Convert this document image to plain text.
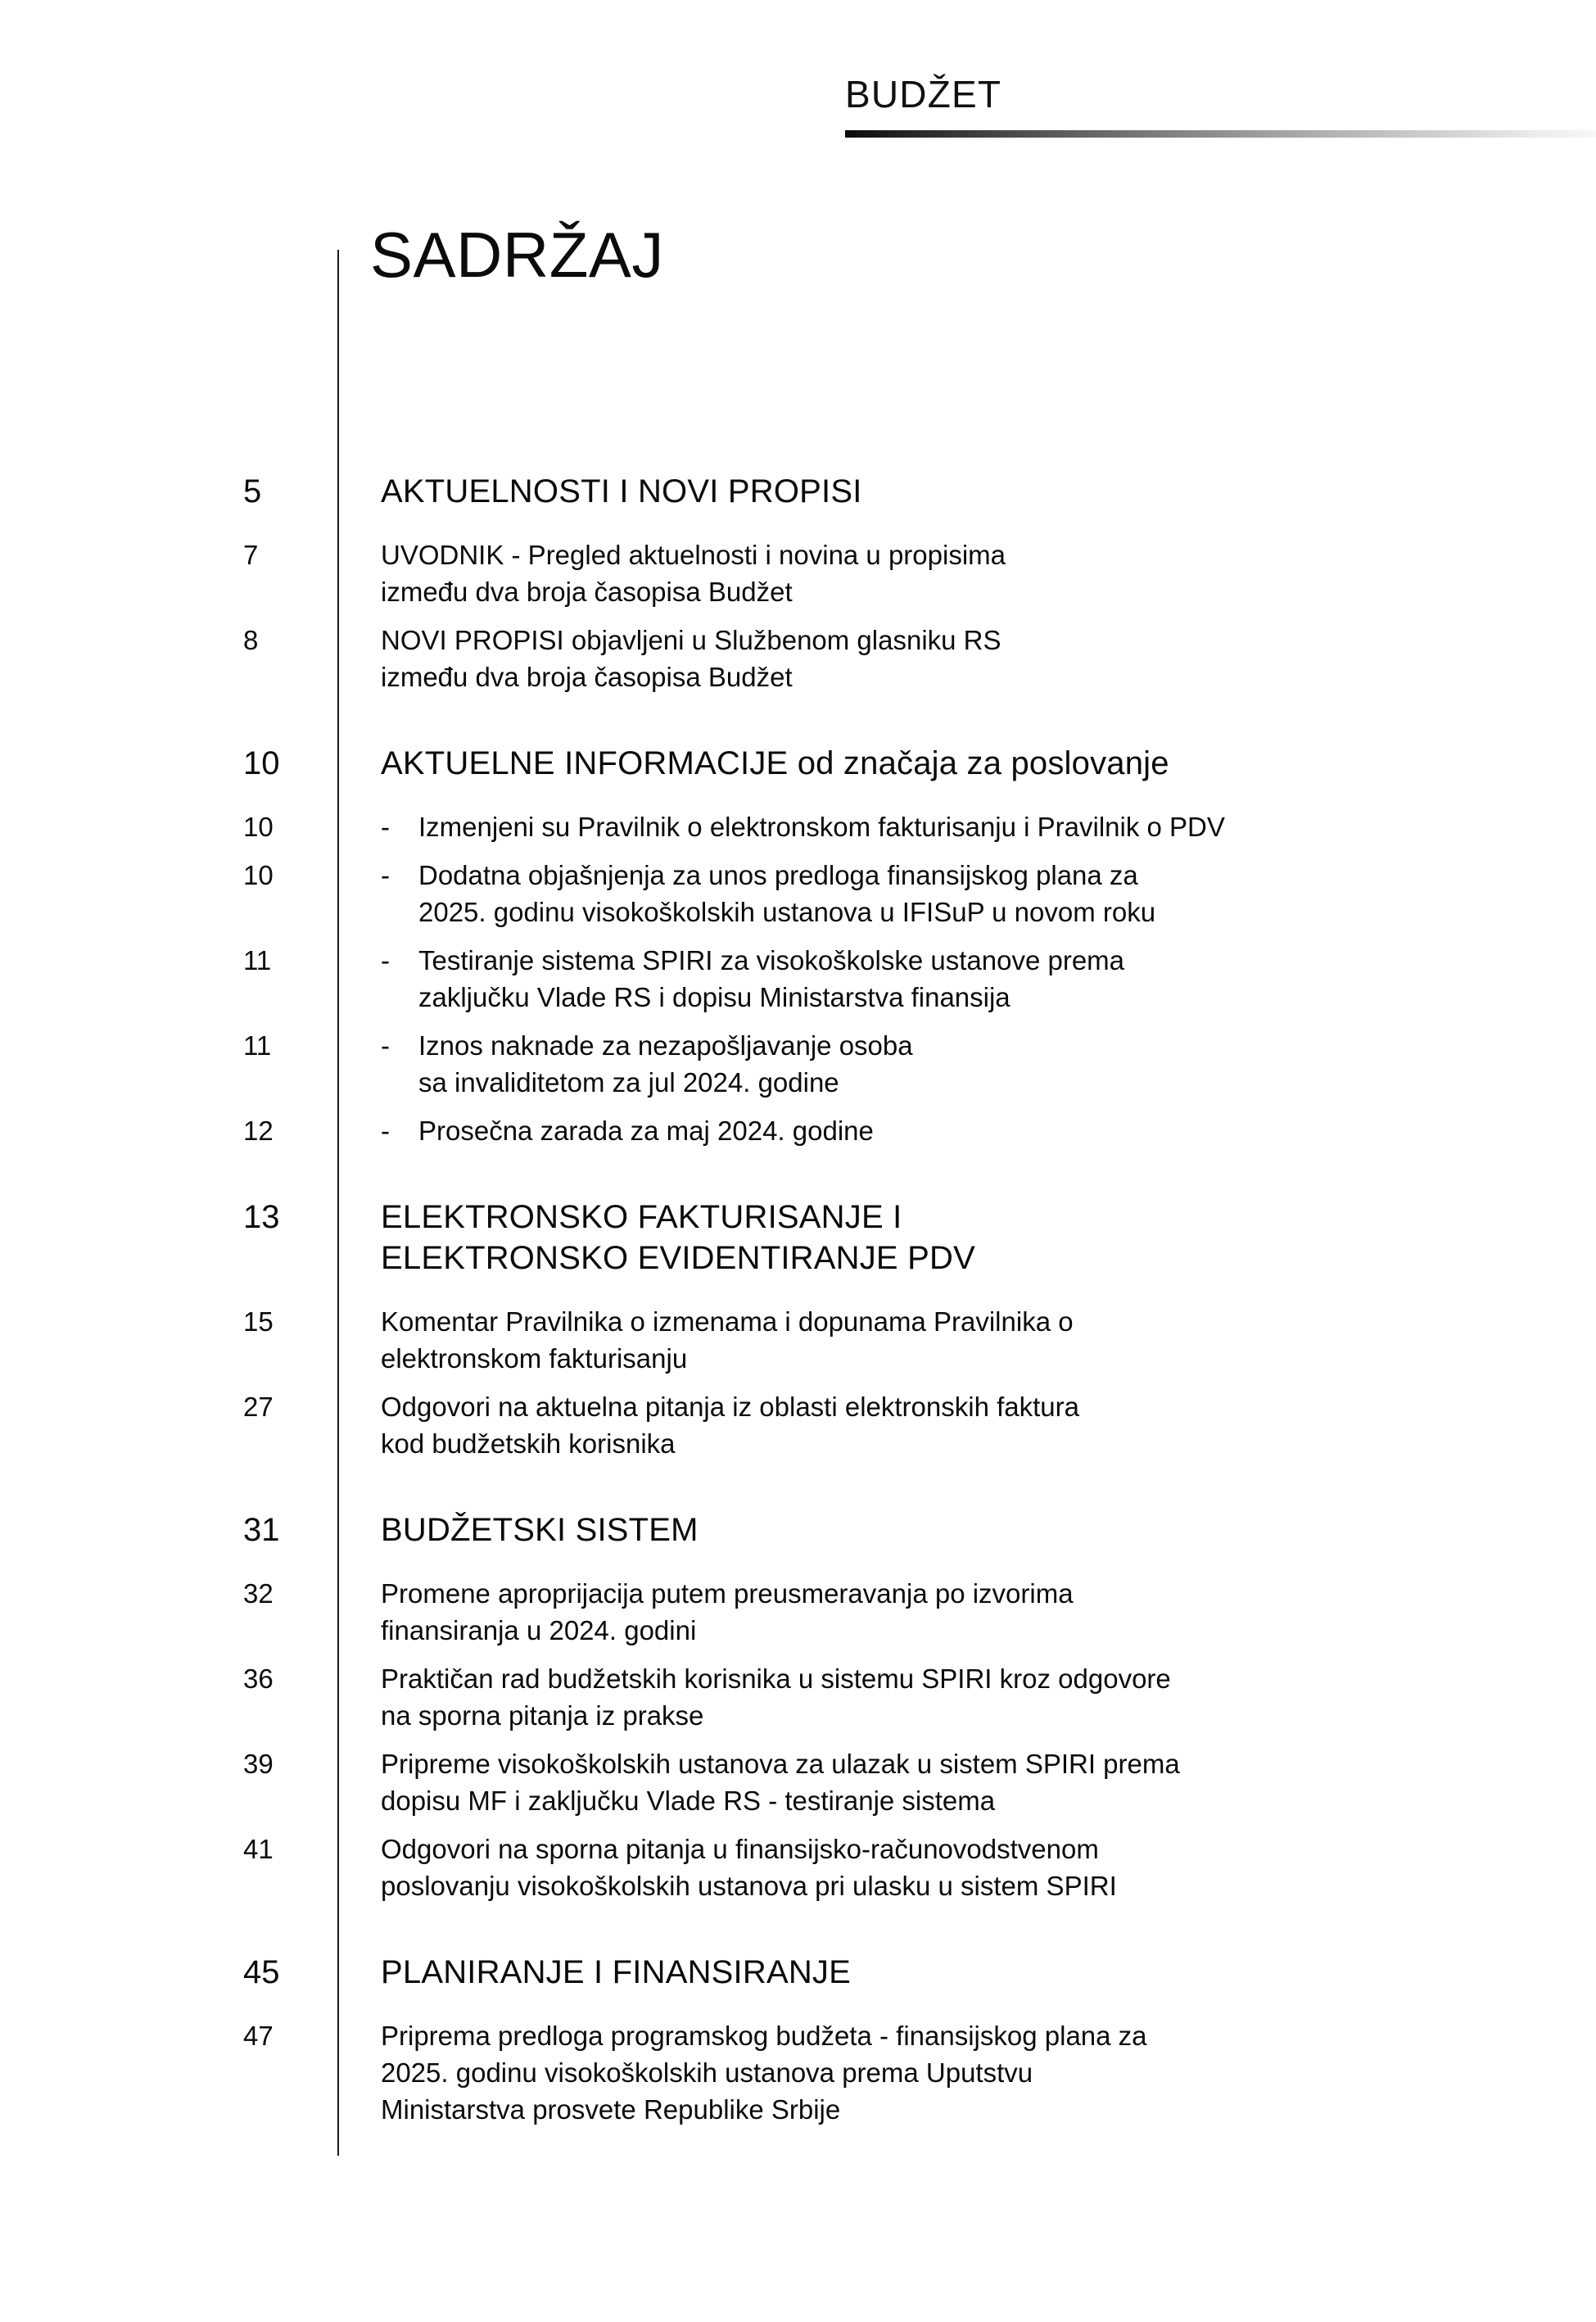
BUDŽET
SADRŽAJ
5	AKTUELNOSTI I NOVI PROPISI
7	UVODNIK - Pregled aktuelnosti i novina u propisima
između dva broja časopisa Budžet
8	NOVI PROPISI objavljeni u Službenom glasniku RS
između dva broja časopisa Budžet
10	AKTUELNE INFORMACIJE od značaja za poslovanje
10	-	Izmenjeni su Pravilnik o elektronskom fakturisanju i Pravilnik o PDV
10	-	Dodatna objašnjenja za unos predloga finansijskog plana za
2025. godinu visokoškolskih ustanova u IFISuP u novom roku
11	-	Testiranje sistema SPIRI za visokoškolske ustanove prema
zaključku Vlade RS i dopisu Ministarstva finansija
11	-	Iznos naknade za nezapošljavanje osoba
sa invaliditetom za jul 2024. godine
12	-	Prosečna zarada za maj 2024. godine
13	ELEKTRONSKO FAKTURISANJE I
ELEKTRONSKO EVIDENTIRANJE PDV
15	Komentar Pravilnika o izmenama i dopunama Pravilnika o
elektronskom fakturisanju
27	Odgovori na aktuelna pitanja iz oblasti elektronskih faktura
kod budžetskih korisnika
31	BUDŽETSKI SISTEM
32	Promene aproprijacija putem preusmeravanja po izvorima
finansiranja u 2024. godini
36	Praktičan rad budžetskih korisnika u sistemu SPIRI kroz odgovore
na sporna pitanja iz prakse
39	Pripreme visokoškolskih ustanova za ulazak u sistem SPIRI prema
dopisu MF i zaključku Vlade RS - testiranje sistema
41	Odgovori na sporna pitanja u finansijsko-računovodstvenom
poslovanju visokoškolskih ustanova pri ulasku u sistem SPIRI
45	PLANIRANJE I FINANSIRANJE
47	Priprema predloga programskog budžeta - finansijskog plana za
2025. godinu visokoškolskih ustanova prema Uputstvu
Ministarstva prosvete Republike Srbije
